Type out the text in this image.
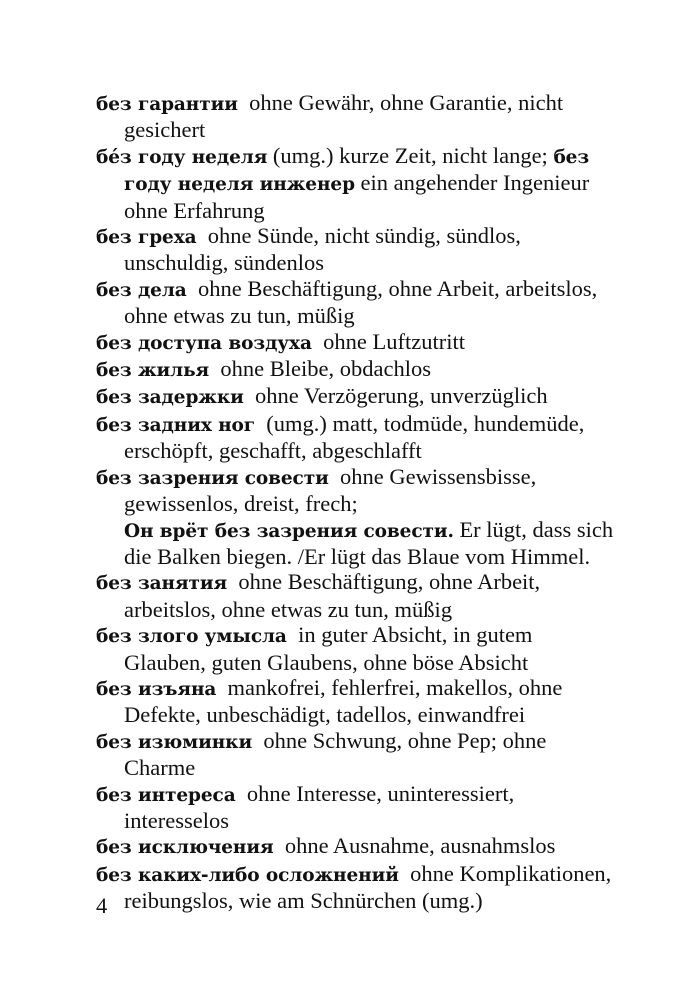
без гарантии ohne Gewähr, ohne Garantie, nicht gesichert

бéз году неделя (umg.) kurze Zeit, nicht lange; без году неделя инженер ein angehender Ingenieur ohne Erfahrung

без греха ohne Sünde, nicht sündig, sündlos, unschuldig, sündenlos

без дела ohne Beschäftigung, ohne Arbeit, arbeitslos, ohne etwas zu tun, müßig

без доступа воздуха ohne Luftzutritt

без жилья ohne Bleibe, obdachlos

без задержки ohne Verzögerung, unverzüglich

без задних ног (umg.) matt, todmüde, hundemüde, erschöpft, geschafft, abgeschlafft

без зазрения совести ohne Gewissensbisse, gewissenlos, dreist, frech;

Он врёт без зазрения совести. Er lügt, dass sich die Balken biegen. /Er lügt das Blaue vom Himmel.

без занятия ohne Beschäftigung, ohne Arbeit, arbeitslos, ohne etwas zu tun, müßig

без злого умысла in guter Absicht, in gutem Glauben, guten Glaubens, ohne böse Absicht

без изъяна mankofrei, fehlerfrei, makellos, ohne Defekte, unbeschädigt, tadellos, einwandfrei

без изюминки ohne Schwung, ohne Pep; ohne Charme

без интереса ohne Interesse, uninteressiert, interesselos

без исключения ohne Ausnahme, ausnahmslos

без каких-либо осложнений ohne Komplikationen, reibungslos, wie am Schnürchen (umg.)

4
